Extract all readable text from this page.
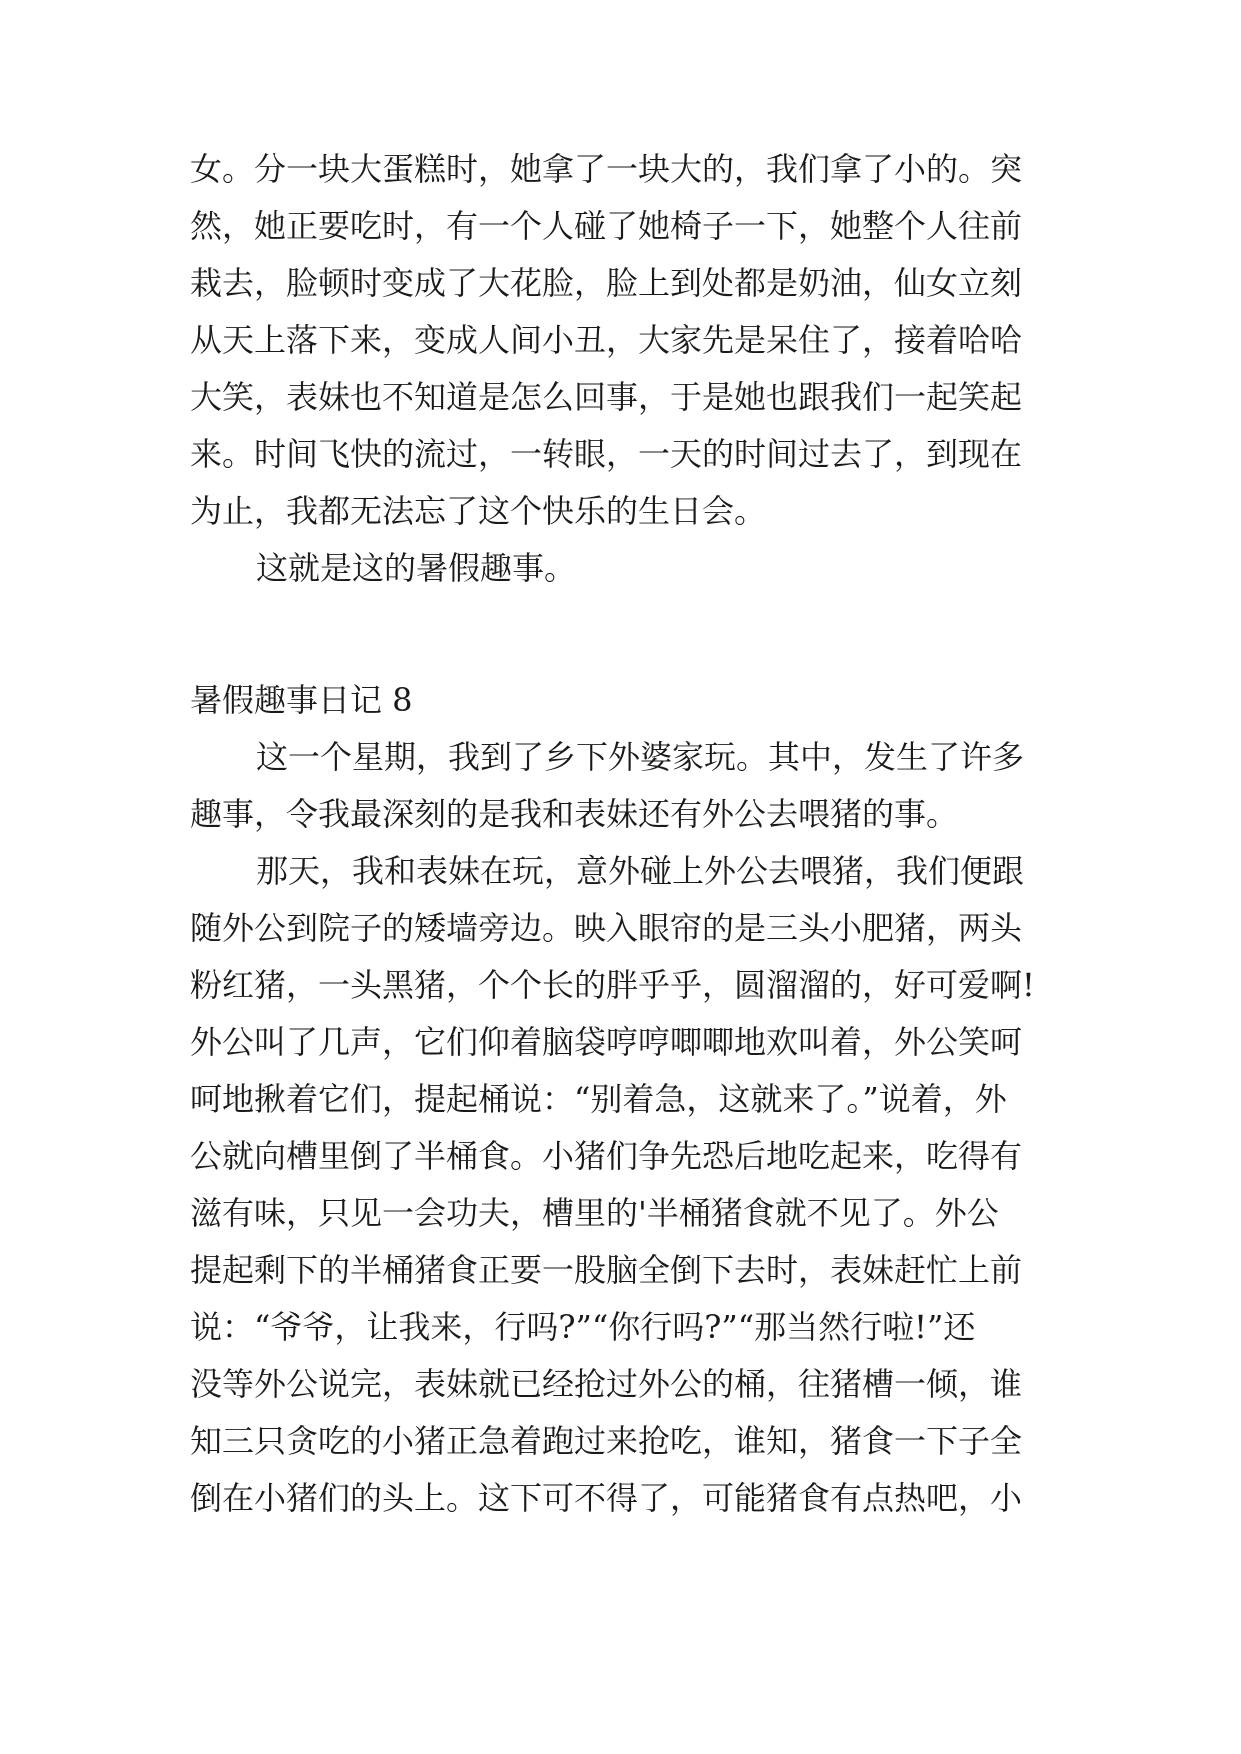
女。分一块大蛋糕时，她拿了一块大的，我们拿了小的。突
然，她正要吃时，有一个人碰了她椅子一下，她整个人往前
栽去，脸顿时变成了大花脸，脸上到处都是奶油，仙女立刻
从天上落下来，变成人间小丑，大家先是呆住了，接着哈哈
大笑，表妹也不知道是怎么回事，于是她也跟我们一起笑起
来。时间飞快的流过，一转眼，一天的时间过去了，到现在
为止，我都无法忘了这个快乐的生日会。
这就是这的暑假趣事。
暑假趣事日记 8
这一个星期，我到了乡下外婆家玩。其中，发生了许多
趣事，令我最深刻的是我和表妹还有外公去喂猪的事。
那天，我和表妹在玩，意外碰上外公去喂猪，我们便跟
随外公到院子的矮墙旁边。映入眼帘的是三头小肥猪，两头
粉红猪，一头黑猪，个个长的胖乎乎，圆溜溜的，好可爱啊!
外公叫了几声，它们仰着脑袋哼哼唧唧地欢叫着，外公笑呵
呵地揪着它们，提起桶说：“别着急，这就来了。”说着，外
公就向槽里倒了半桶食。小猪们争先恐后地吃起来，吃得有
滋有味，只见一会功夫，槽里的'半桶猪食就不见了。外公
提起剩下的半桶猪食正要一股脑全倒下去时，表妹赶忙上前
说：“爷爷，让我来，行吗?”“你行吗?”“那当然行啦!”还
没等外公说完，表妹就已经抢过外公的桶，往猪槽一倾，谁
知三只贪吃的小猪正急着跑过来抢吃，谁知，猪食一下子全
倒在小猪们的头上。这下可不得了，可能猪食有点热吧，小
